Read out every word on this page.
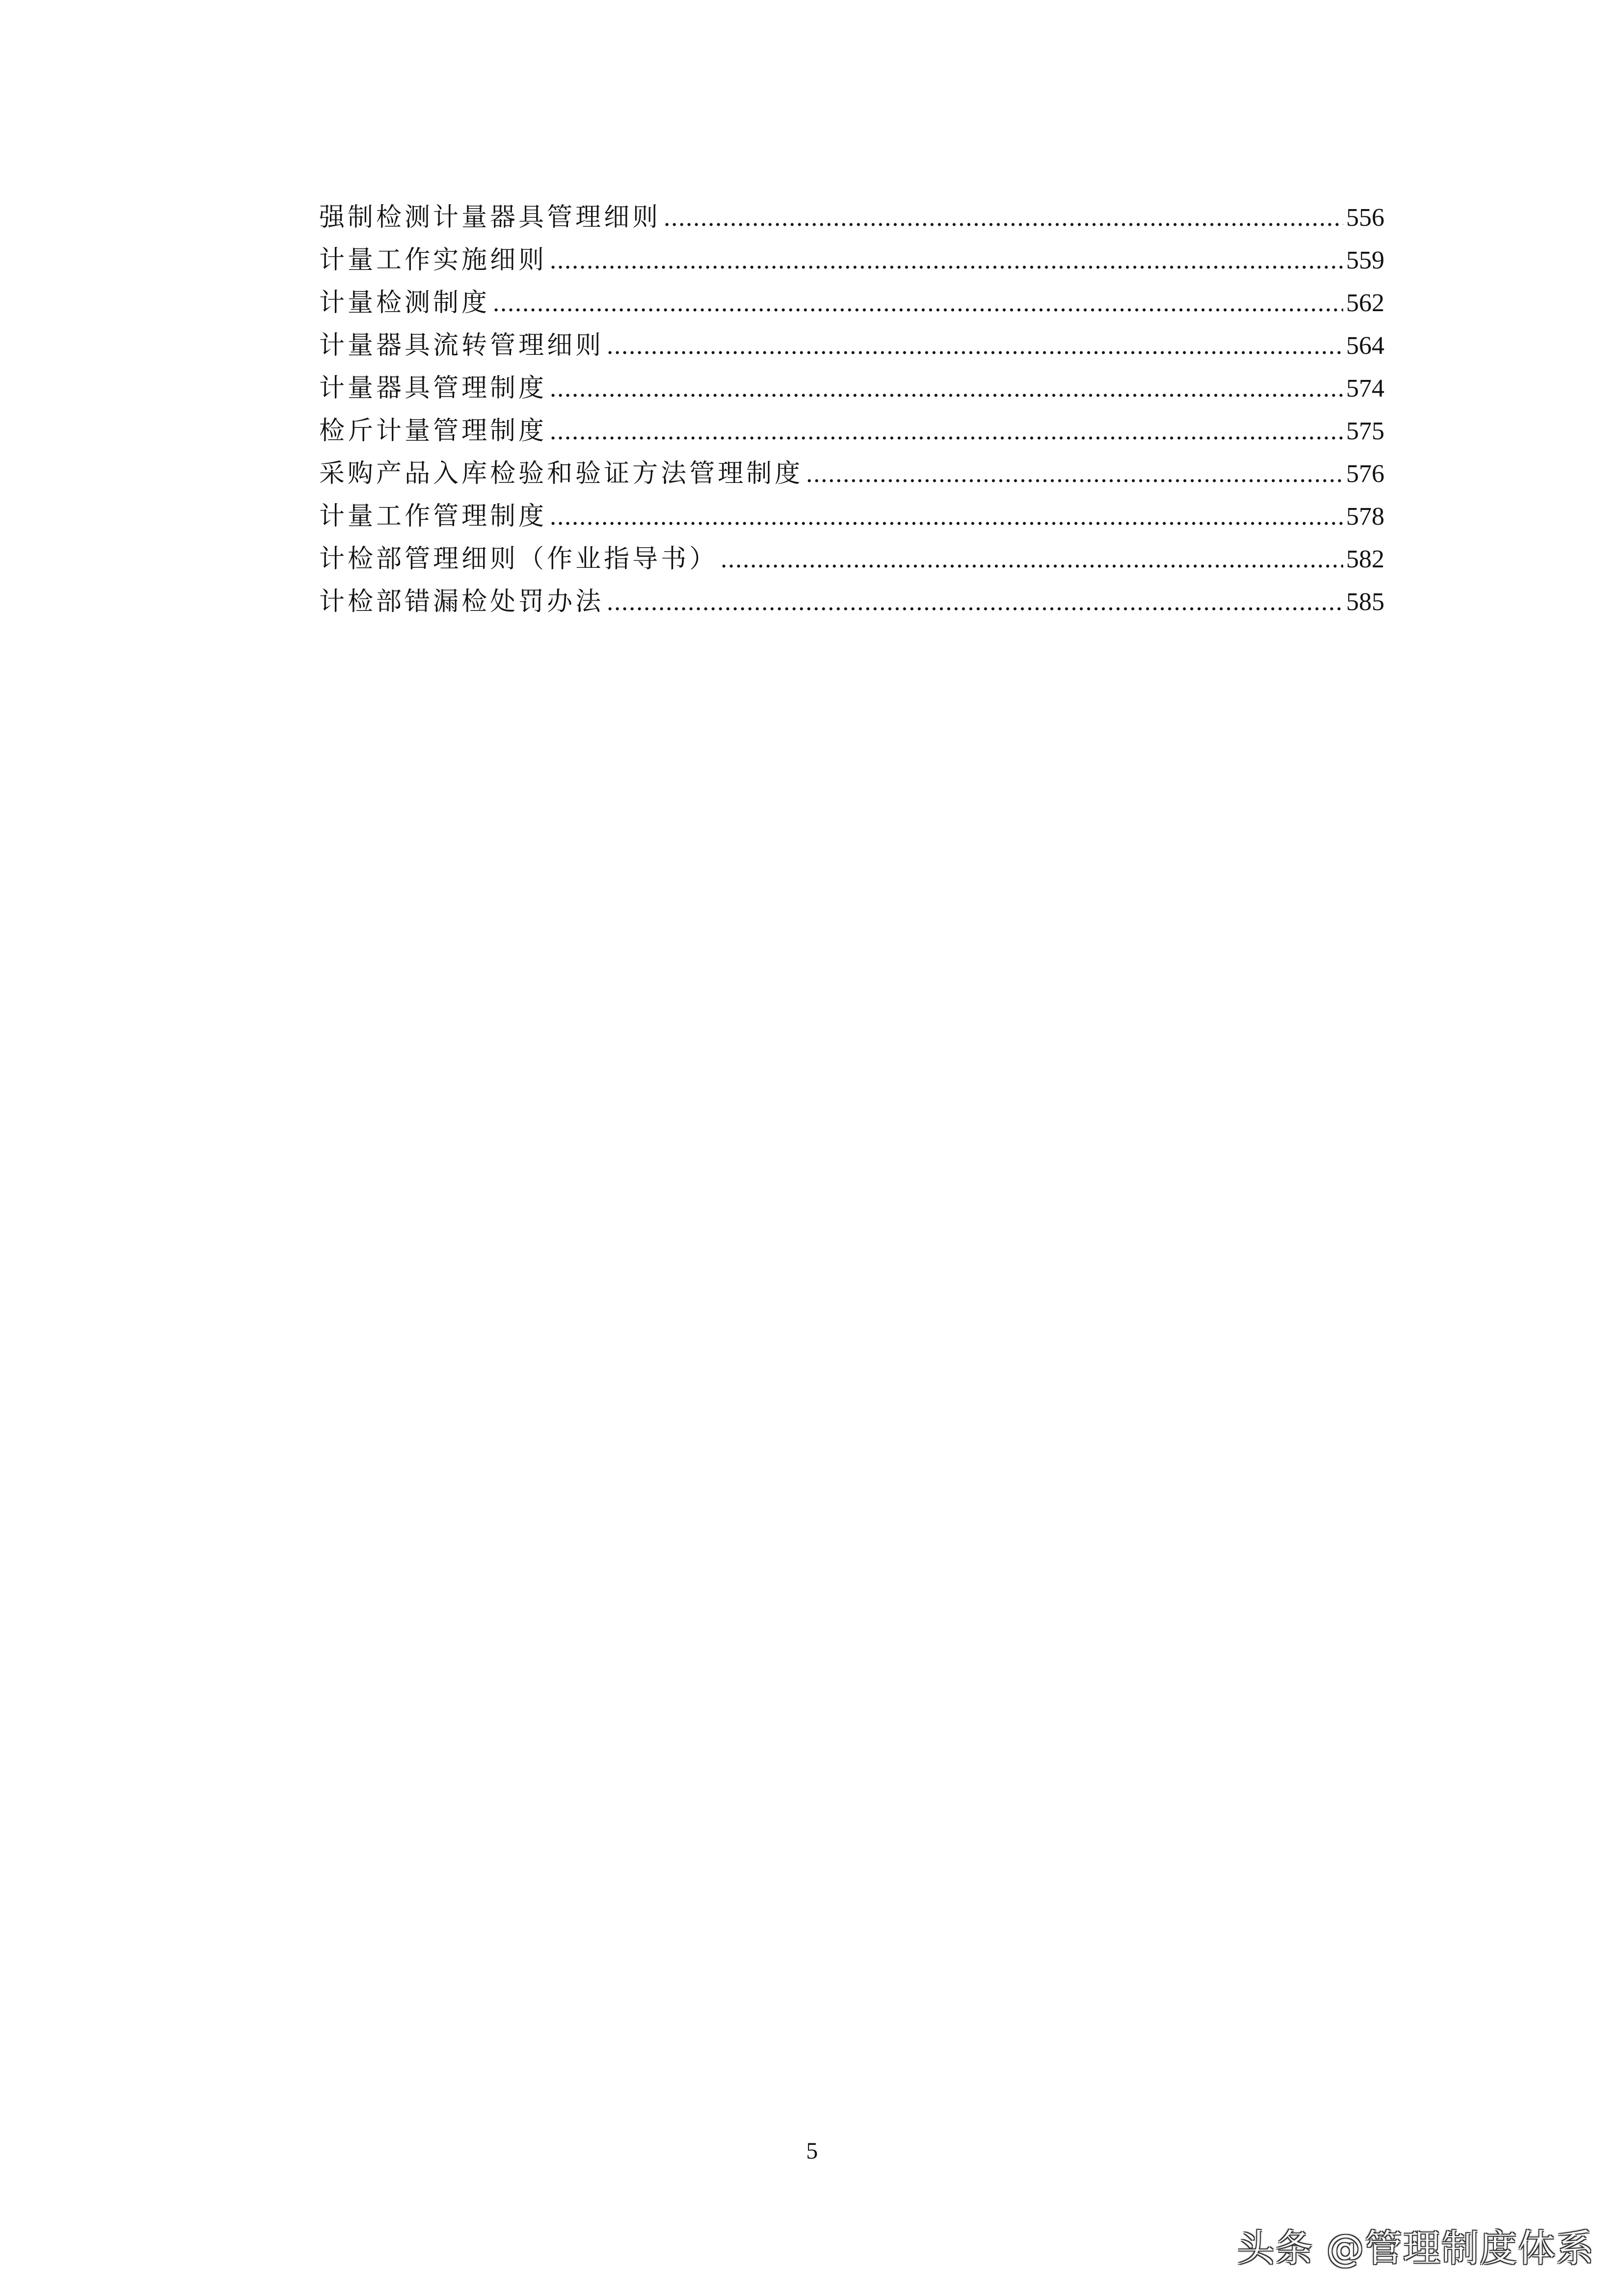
强制检测计量器具管理细则 .....	556
计量工作实施细则 .....	559
计量检测制度 .....	562
计量器具流转管理细则 .....	564
计量器具管理制度 .....	574
检斤计量管理制度 .....	575
采购产品入库检验和验证方法管理制度 .....	576
计量工作管理制度 .....	578
计检部管理细则（作业指导书） .....	582
计检部错漏检处罚办法 .....	585
5
头条 @管理制度体系
